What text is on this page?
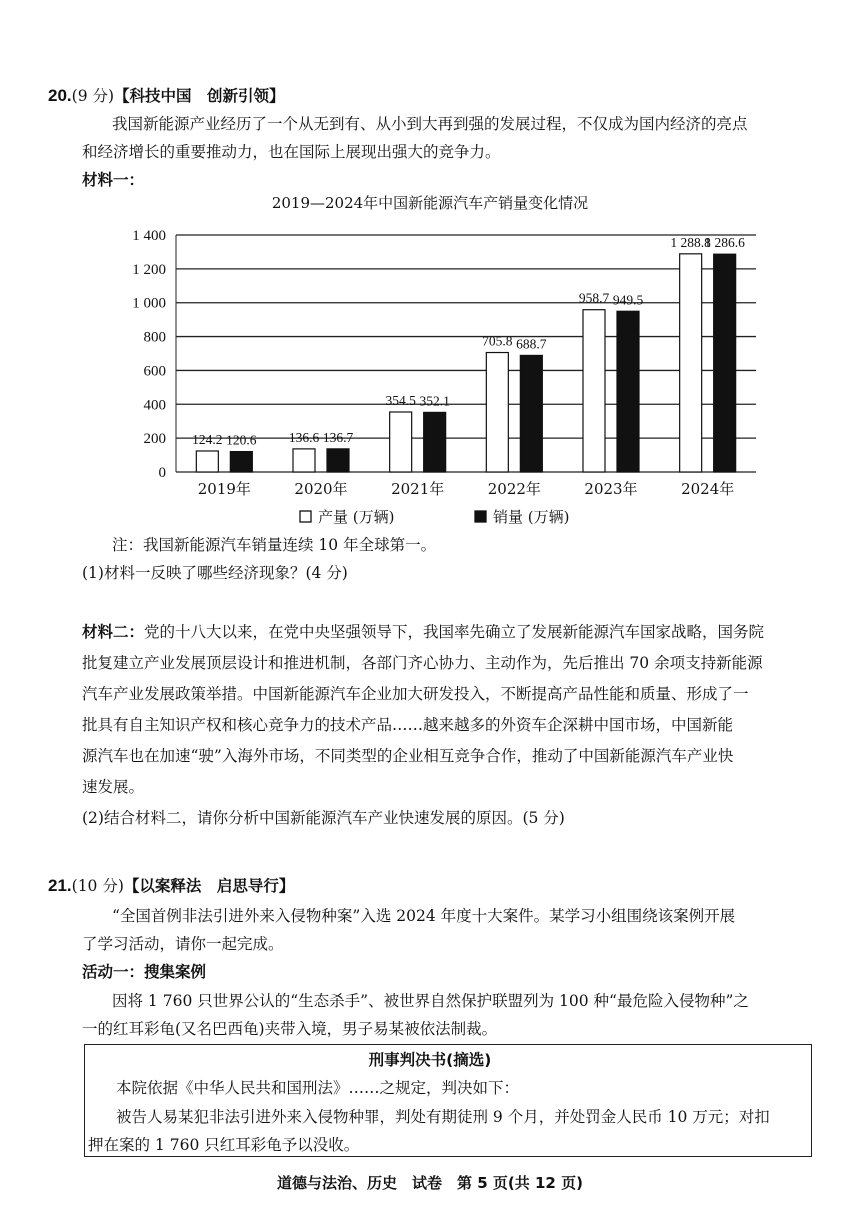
20.(9 分)【科技中国　创新引领】
我国新能源产业经历了一个从无到有、从小到大再到强的发展过程，不仅成为国内经济的亮点
和经济增长的重要推动力，也在国际上展现出强大的竞争力。
材料一：
2019—2024年中国新能源汽车产销量变化情况
0
200
400
600
800
1 000
1 200
1 400
124.2 120.6
2019年
136.6 136.7
2020年
354.5 352.1
2021年
705.8 688.7
2022年
958.7 949.5
2023年
1 288.8
1 286.6
2024年
产量 (万辆)	销量 (万辆)
注：我国新能源汽车销量连续 10 年全球第一。
(1)材料一反映了哪些经济现象？(4 分)
材料二：党的十八大以来，在党中央坚强领导下，我国率先确立了发展新能源汽车国家战略，国务院
批复建立产业发展顶层设计和推进机制，各部门齐心协力、主动作为，先后推出 70 余项支持新能源
汽车产业发展政策举措。中国新能源汽车企业加大研发投入，不断提高产品性能和质量、形成了一
批具有自主知识产权和核心竞争力的技术产品……越来越多的外资车企深耕中国市场，中国新能
源汽车也在加速“驶”入海外市场，不同类型的企业相互竞争合作，推动了中国新能源汽车产业快
速发展。
(2)结合材料二，请你分析中国新能源汽车产业快速发展的原因。(5 分)
21.(10 分)【以案释法　启思导行】
“全国首例非法引进外来入侵物种案”入选 2024 年度十大案件。某学习小组围绕该案例开展
了学习活动，请你一起完成。
活动一：搜集案例
因将 1 760 只世界公认的“生态杀手”、被世界自然保护联盟列为 100 种“最危险入侵物种”之
一的红耳彩龟(又名巴西龟)夹带入境，男子易某被依法制裁。
刑事判决书(摘选)
本院依据《中华人民共和国刑法》……之规定，判决如下：
被告人易某犯非法引进外来入侵物种罪，判处有期徒刑 9 个月，并处罚金人民币 10 万元；对扣
押在案的 1 760 只红耳彩龟予以没收。
道德与法治、历史　试卷　第 5 页(共 12 页)
